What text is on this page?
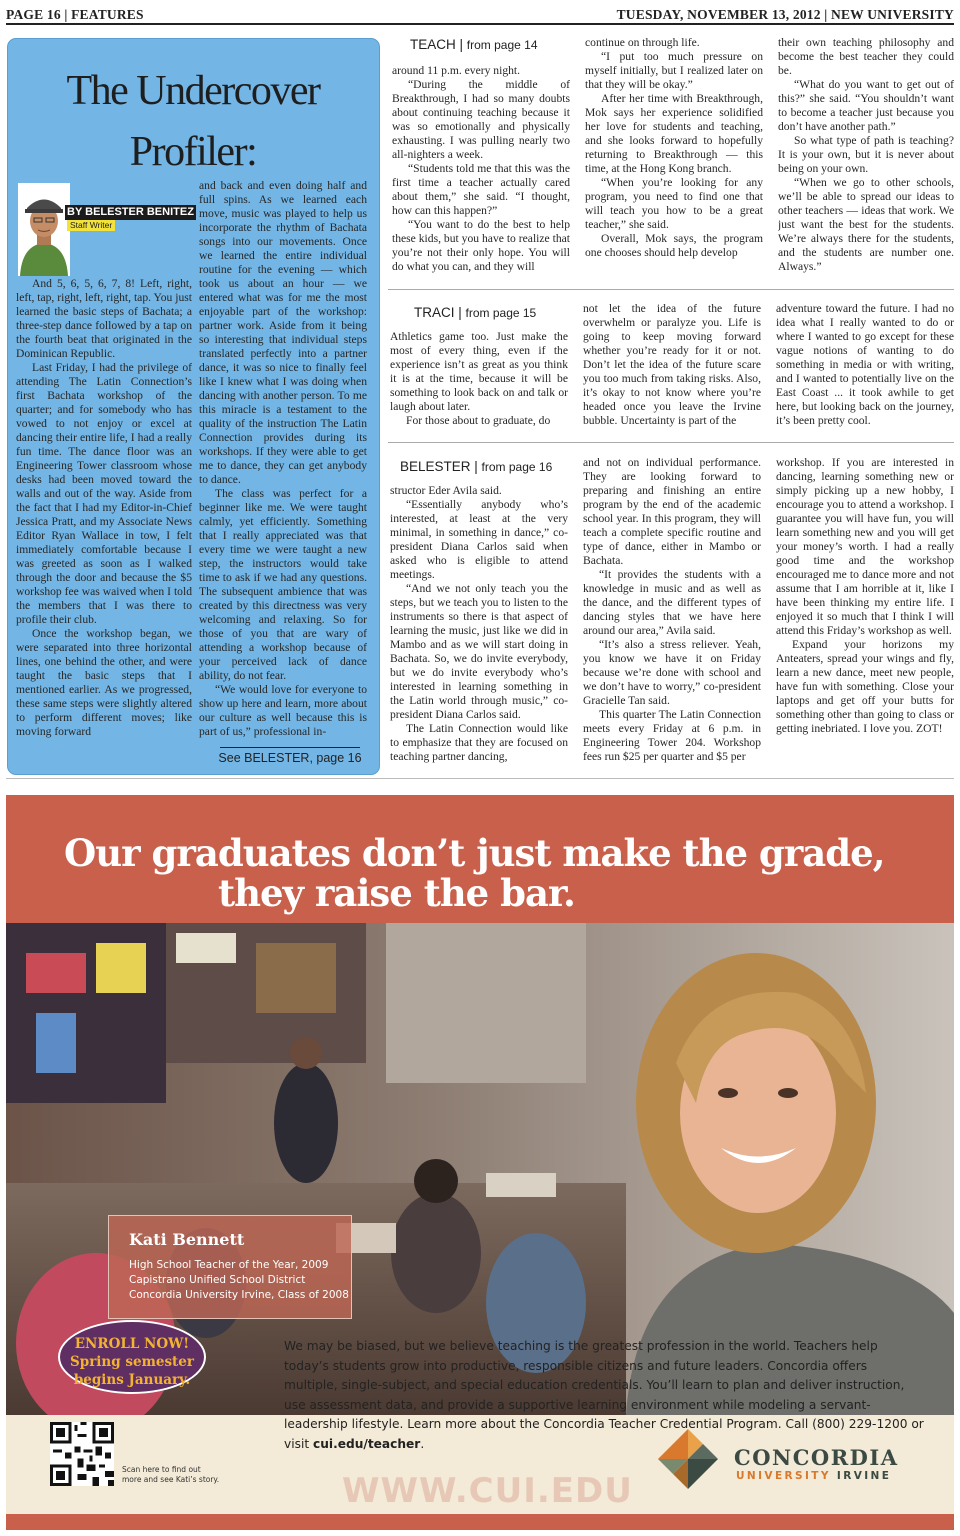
PAGE 16 | FEATURES	TUESDAY, NOVEMBER 13, 2012 | NEW UNIVERSITY
The Undercover
Profiler:
BY BELESTER BENITEZ
Staff Writer

And 5, 6, 5, 6, 7, 8! Left, right, left, tap, right, left, right, tap. You just learned the basic steps of Bachata; a three-step dance followed by a tap on the fourth beat that originated in the Dominican Republic.

Last Friday, I had the privilege of attending The Latin Connection’s first Bachata workshop of the quarter; and for somebody who has vowed to not enjoy or excel at dancing their entire life, I had a really fun time. The dance floor was an Engineering Tower classroom whose desks had been moved toward the walls and out of the way. Aside from the fact that I had my Editor-in-Chief Jessica Pratt, and my Associate News Editor Ryan Wallace in tow, I felt immediately comfortable because I was greeted as soon as I walked through the door and because the $5 workshop fee was waived when I told the members that I was there to profile their club.

Once the workshop began, we were separated into three horizontal lines, one behind the other, and were taught the basic steps that I mentioned earlier. As we progressed, these same steps were slightly altered to perform different moves; like moving forward

and back and even doing half and full spins. As we learned each move, music was played to help us incorporate the rhythm of Bachata songs into our movements. Once we learned the entire individual routine for the evening — which took us about an hour — we entered what was for me the most enjoyable part of the workshop: partner work. Aside from it being so interesting that individual steps translated perfectly into a partner dance, it was so nice to finally feel like I knew what I was doing when dancing with another person. To me this miracle is a testament to the quality of the instruction The Latin Connection provides during its workshops. If they were able to get me to dance, they can get anybody to dance.

The class was perfect for a beginner like me. We were taught calmly, yet efficiently. Something that I really appreciated was that every time we were taught a new step, the instructors would take time to ask if we had any questions. The subsequent ambience that was created by this directness was very welcoming and relaxing. So for those of you that are wary of attending a workshop because of your perceived lack of dance ability, do not fear.

“We would love for everyone to show up here and learn, more about our culture as well because this is part of us,” professional in-

See BELESTER, page 16
TEACH | from page 14

around 11 p.m. every night.

“During the middle of Breakthrough, I had so many doubts about continuing teaching because it was so emotionally and physically exhausting. I was pulling nearly two all-nighters a week.

“Students told me that this was the first time a teacher actually cared about them,” she said. “I thought, how can this happen?”

“You want to do the best to help these kids, but you have to realize that you’re not their only hope. You will do what you can, and they will

continue on through life.

“I put too much pressure on myself initially, but I realized later on that they will be okay.”

After her time with Breakthrough, Mok says her experience solidified her love for students and teaching, and she looks forward to hopefully returning to Breakthrough — this time, at the Hong Kong branch.

“When you’re looking for any program, you need to find one that will teach you how to be a great teacher,” she said.

Overall, Mok says, the program one chooses should help develop

their own teaching philosophy and become the best teacher they could be.

“What do you want to get out of this?” she said. “You shouldn’t want to become a teacher just because you don’t have another path.”

So what type of path is teaching? It is your own, but it is never about being on your own.

“When we go to other schools, we’ll be able to spread our ideas to other teachers — ideas that work. We just want the best for the students. We’re always there for the students, and the students are number one. Always.”

TRACI | from page 15

Athletics game too. Just make the most of every thing, even if the experience isn’t as great as you think it is at the time, because it will be something to look back on and talk or laugh about later.

For those about to graduate, do

not let the idea of the future overwhelm or paralyze you. Life is going to keep moving forward whether you’re ready for it or not. Don’t let the idea of the future scare you too much from taking risks. Also, it’s okay to not know where you’re headed once you leave the Irvine bubble. Uncertainty is part of the

adventure toward the future. I had no idea what I really wanted to do or where I wanted to go except for these vague notions of wanting to do something in media or with writing, and I wanted to potentially live on the East Coast ... it took awhile to get here, but looking back on the journey, it’s been pretty cool.

BELESTER | from page 16

structor Eder Avila said.

“Essentially anybody who’s interested, at least at the very minimal, in something in dance,” co-president Diana Carlos said when asked who is eligible to attend meetings.

“And we not only teach you the steps, but we teach you to listen to the instruments so there is that aspect of learning the music, just like we did in Mambo and as we will start doing in Bachata. So, we do invite everybody, but we do invite everybody who’s interested in learning something in the Latin world through music,” co-president Diana Carlos said.

The Latin Connection would like to emphasize that they are focused on teaching partner dancing,

and not on individual performance. They are looking forward to preparing and finishing an entire program by the end of the academic school year. In this program, they will teach a complete specific routine and type of dance, either in Mambo or Bachata.

“It provides the students with a knowledge in music and as well as the dance, and the different types of dancing styles that we have here around our area,” Avila said.

“It’s also a stress reliever. Yeah, you know we have it on Friday because we’re done with school and we don’t have to worry,” co-president Gracielle Tan said.

This quarter The Latin Connection meets every Friday at 6 p.m. in Engineering Tower 204. Workshop fees run $25 per quarter and $5 per

workshop. If you are interested in dancing, learning something new or simply picking up a new hobby, I encourage you to attend a workshop. I guarantee you will have fun, you will learn something new and you will get your money’s worth. I had a really good time and the workshop encouraged me to dance more and not assume that I am horrible at it, like I have been thinking my entire life. I enjoyed it so much that I think I will attend this Friday’s workshop as well.

Expand your horizons my Anteaters, spread your wings and fly, learn a new dance, meet new people, have fun with something. Close your laptops and get off your butts for something other than going to class or getting inebriated. I love you. ZOT!

Our graduates don’t just make the grade,
they raise the bar.
Kati Bennett
High School Teacher of the Year, 2009
Capistrano Unified School District
Concordia University Irvine, Class of 2008
ENROLL NOW!
Spring semester
begins January.
We may be biased, but we believe teaching is the greatest profession in the world. Teachers help today’s students grow into productive, responsible citizens and future leaders. Concordia offers multiple, single-subject, and special education credentials. You’ll learn to plan and deliver instruction, use assessment data, and provide a supportive learning environment while modeling a servant-leadership lifestyle. Learn more about the Concordia Teacher Credential Program. Call (800) 229-1200 or visit cui.edu/teacher.
Scan here to find out
more and see Kati’s story.	WWW.CUI.EDU
CONCORDIA
UNIVERSITY IRVINE
